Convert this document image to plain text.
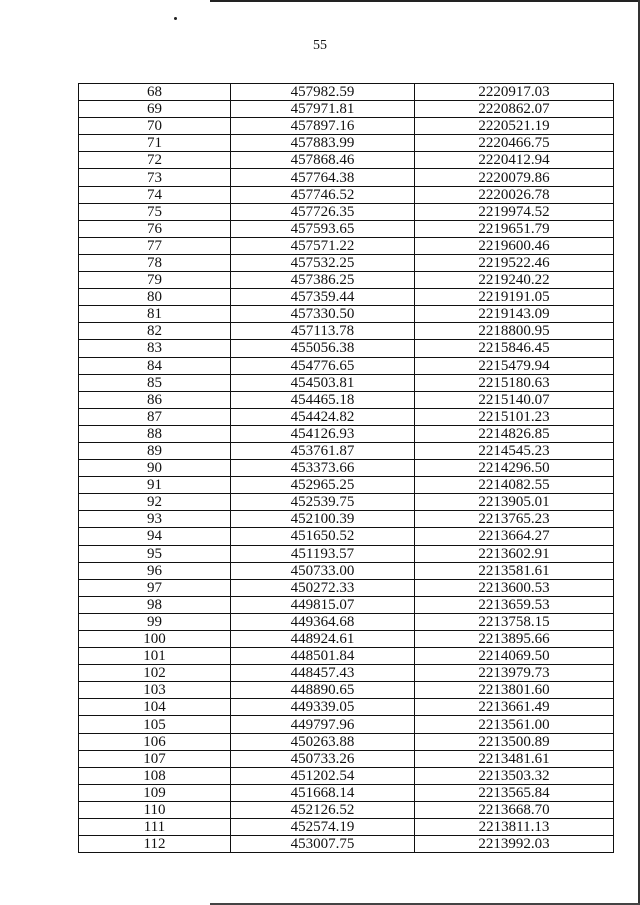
55
68	457982.59	2220917.03
69	457971.81	2220862.07
70	457897.16	2220521.19
71	457883.99	2220466.75
72	457868.46	2220412.94
73	457764.38	2220079.86
74	457746.52	2220026.78
75	457726.35	2219974.52
76	457593.65	2219651.79
77	457571.22	2219600.46
78	457532.25	2219522.46
79	457386.25	2219240.22
80	457359.44	2219191.05
81	457330.50	2219143.09
82	457113.78	2218800.95
83	455056.38	2215846.45
84	454776.65	2215479.94
85	454503.81	2215180.63
86	454465.18	2215140.07
87	454424.82	2215101.23
88	454126.93	2214826.85
89	453761.87	2214545.23
90	453373.66	2214296.50
91	452965.25	2214082.55
92	452539.75	2213905.01
93	452100.39	2213765.23
94	451650.52	2213664.27
95	451193.57	2213602.91
96	450733.00	2213581.61
97	450272.33	2213600.53
98	449815.07	2213659.53
99	449364.68	2213758.15
100	448924.61	2213895.66
101	448501.84	2214069.50
102	448457.43	2213979.73
103	448890.65	2213801.60
104	449339.05	2213661.49
105	449797.96	2213561.00
106	450263.88	2213500.89
107	450733.26	2213481.61
108	451202.54	2213503.32
109	451668.14	2213565.84
110	452126.52	2213668.70
111	452574.19	2213811.13
112	453007.75	2213992.03
